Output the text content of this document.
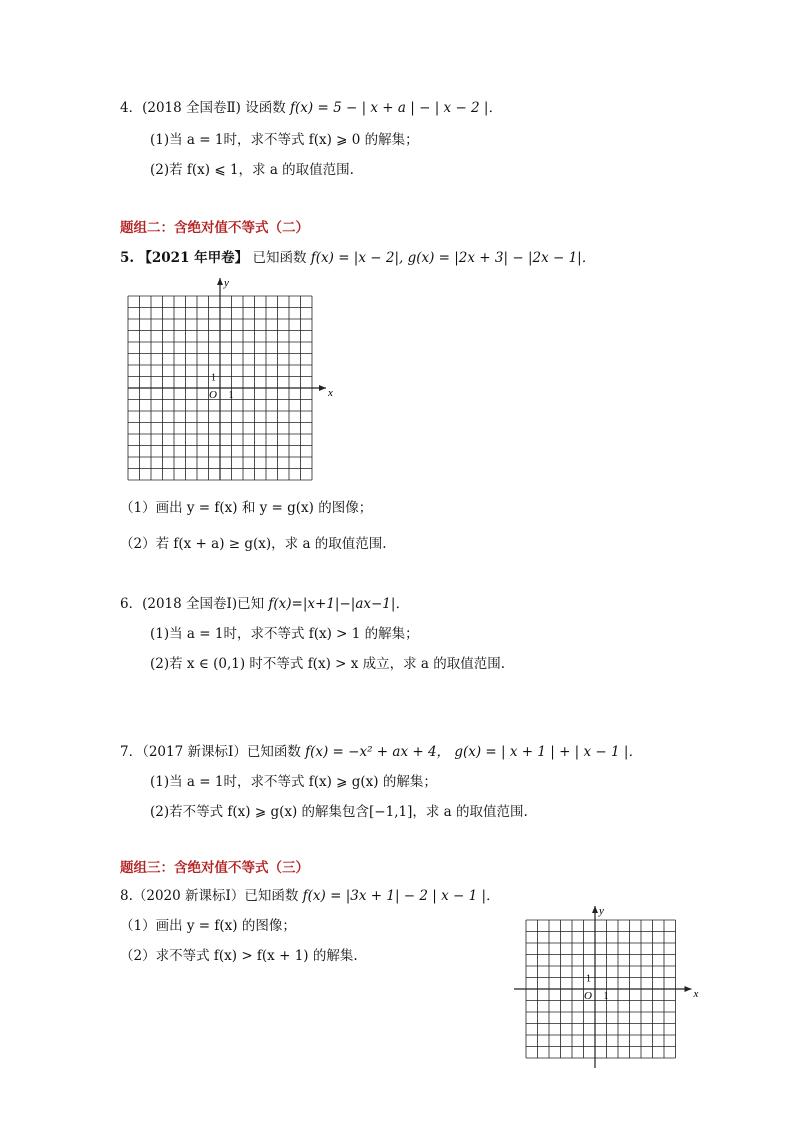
4．(2018 全国卷Ⅱ) 设函数 f(x) = 5 − | x + a | − | x − 2 |．
(1)当 a = 1时，求不等式 f(x) ⩾ 0 的解集；
(2)若 f(x) ⩽ 1，求 a 的取值范围.
题组二：含绝对值不等式（二）
5. 【2021 年甲卷】 已知函数 f(x) = |x − 2|, g(x) = |2x + 3| − |2x − 1|．
x
y
O 1
1
（1）画出 y = f(x) 和 y = g(x) 的图像；
（2）若 f(x + a) ≥ g(x)，求 a 的取值范围.
6．(2018 全国卷Ⅰ)已知 f(x)=|x+1|−|ax−1|．
(1)当 a = 1时，求不等式 f(x) > 1 的解集；
(2)若 x ∈ (0,1) 时不等式 f(x) > x 成立，求 a 的取值范围.
7．（2017 新课标Ⅰ）已知函数 f(x) = −x² + ax + 4， g(x) = | x + 1 | + | x − 1 |．
(1)当 a = 1时，求不等式 f(x) ⩾ g(x) 的解集；
(2)若不等式 f(x) ⩾ g(x) 的解集包含[−1,1]，求 a 的取值范围.
题组三：含绝对值不等式（三）
8.（2020 新课标Ⅰ）已知函数 f(x) = |3x + 1| − 2 | x − 1 |．
（1）画出 y = f(x) 的图像；
（2）求不等式 f(x) > f(x + 1) 的解集.
x
y
O 1
1
